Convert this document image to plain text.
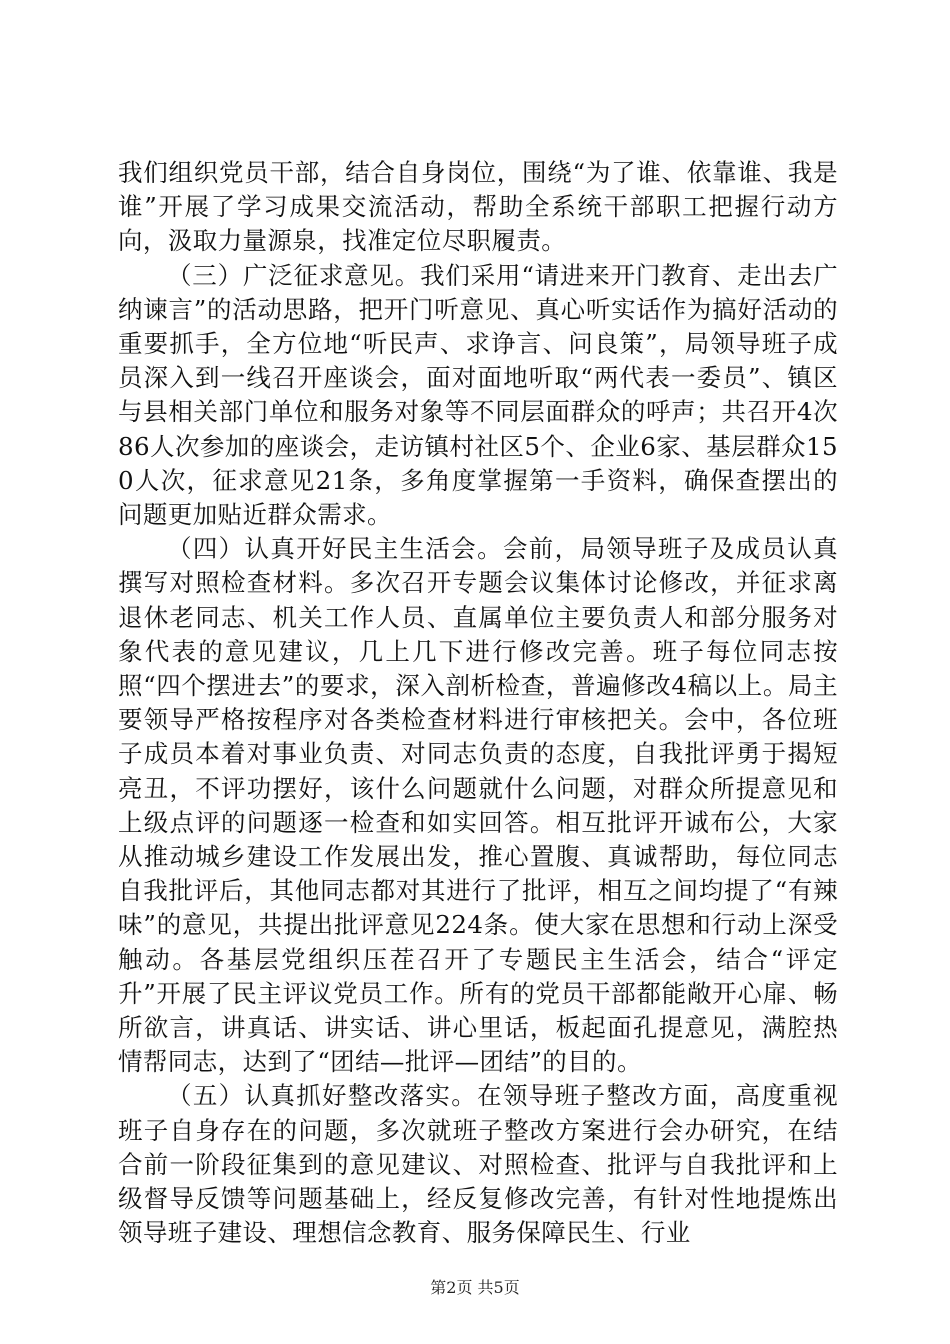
我们组织党员干部，结合自身岗位，围绕“为了谁、依靠谁、我是谁”开展了学习成果交流活动，帮助全系统干部职工把握行动方向，汲取力量源泉，找准定位尽职履责。

（三）广泛征求意见。我们采用“请进来开门教育、走出去广纳谏言”的活动思路，把开门听意见、真心听实话作为搞好活动的重要抓手，全方位地“听民声、求诤言、问良策”，局领导班子成员深入到一线召开座谈会，面对面地听取“两代表一委员”、镇区与县相关部门单位和服务对象等不同层面群众的呼声；共召开4次86人次参加的座谈会，走访镇村社区5个、企业6家、基层群众150人次，征求意见21条，多角度掌握第一手资料，确保查摆出的问题更加贴近群众需求。

（四）认真开好民主生活会。会前，局领导班子及成员认真撰写对照检查材料。多次召开专题会议集体讨论修改，并征求离退休老同志、机关工作人员、直属单位主要负责人和部分服务对象代表的意见建议，几上几下进行修改完善。班子每位同志按照“四个摆进去”的要求，深入剖析检查，普遍修改4稿以上。局主要领导严格按程序对各类检查材料进行审核把关。会中，各位班子成员本着对事业负责、对同志负责的态度，自我批评勇于揭短亮丑，不评功摆好，该什么问题就什么问题，对群众所提意见和上级点评的问题逐一检查和如实回答。相互批评开诚布公，大家从推动城乡建设工作发展出发，推心置腹、真诚帮助，每位同志自我批评后，其他同志都对其进行了批评，相互之间均提了“有辣味”的意见，共提出批评意见224条。使大家在思想和行动上深受触动。各基层党组织压茬召开了专题民主生活会，结合“评定升”开展了民主评议党员工作。所有的党员干部都能敞开心扉、畅所欲言，讲真话、讲实话、讲心里话，板起面孔提意见，满腔热情帮同志，达到了“团结—批评—团结”的目的。

（五）认真抓好整改落实。在领导班子整改方面，高度重视班子自身存在的问题，多次就班子整改方案进行会办研究，在结合前一阶段征集到的意见建议、对照检查、批评与自我批评和上级督导反馈等问题基础上，经反复修改完善，有针对性地提炼出领导班子建设、理想信念教育、服务保障民生、行业

第2页 共5页
